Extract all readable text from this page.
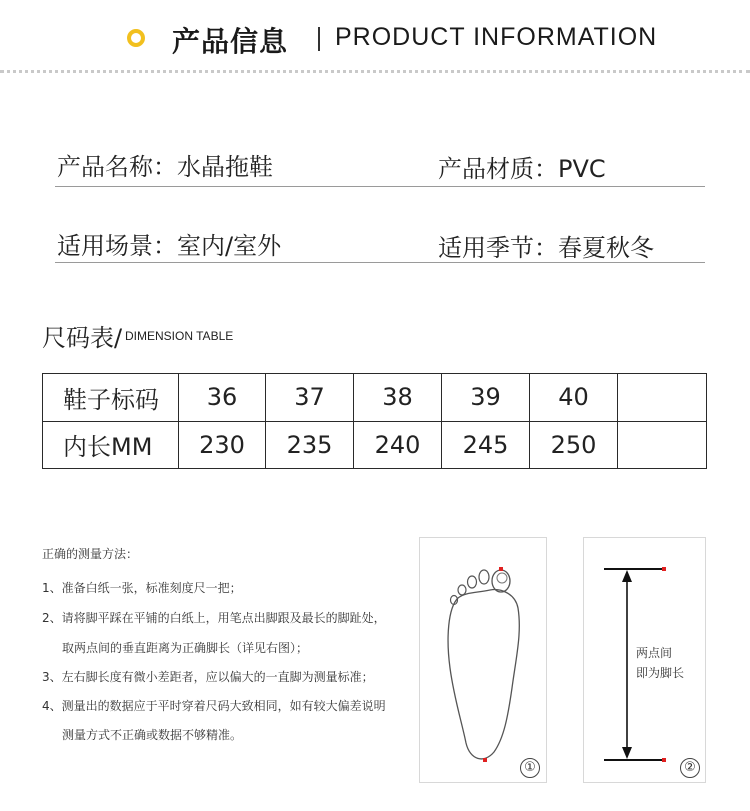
产品信息 PRODUCT INFORMATION
产品名称：水晶拖鞋	产品材质：PVC
适用场景：室内/室外	适用季节：春夏秋冬
尺码表/ DIMENSION TABLE
鞋子标码	36	37	38	39	40	
内长MM	230	235	240	245	250	
正确的测量方法：
1、准备白纸一张，标准刻度尺一把；
2、请将脚平踩在平铺的白纸上，用笔点出脚跟及最长的脚趾处，
取两点间的垂直距离为正确脚长（详见右图）；
3、左右脚长度有微小差距者，应以偏大的一直脚为测量标准；
4、测量出的数据应于平时穿着尺码大致相同，如有较大偏差说明
测量方式不正确或数据不够精准。
①
两点间
即为脚长
②
